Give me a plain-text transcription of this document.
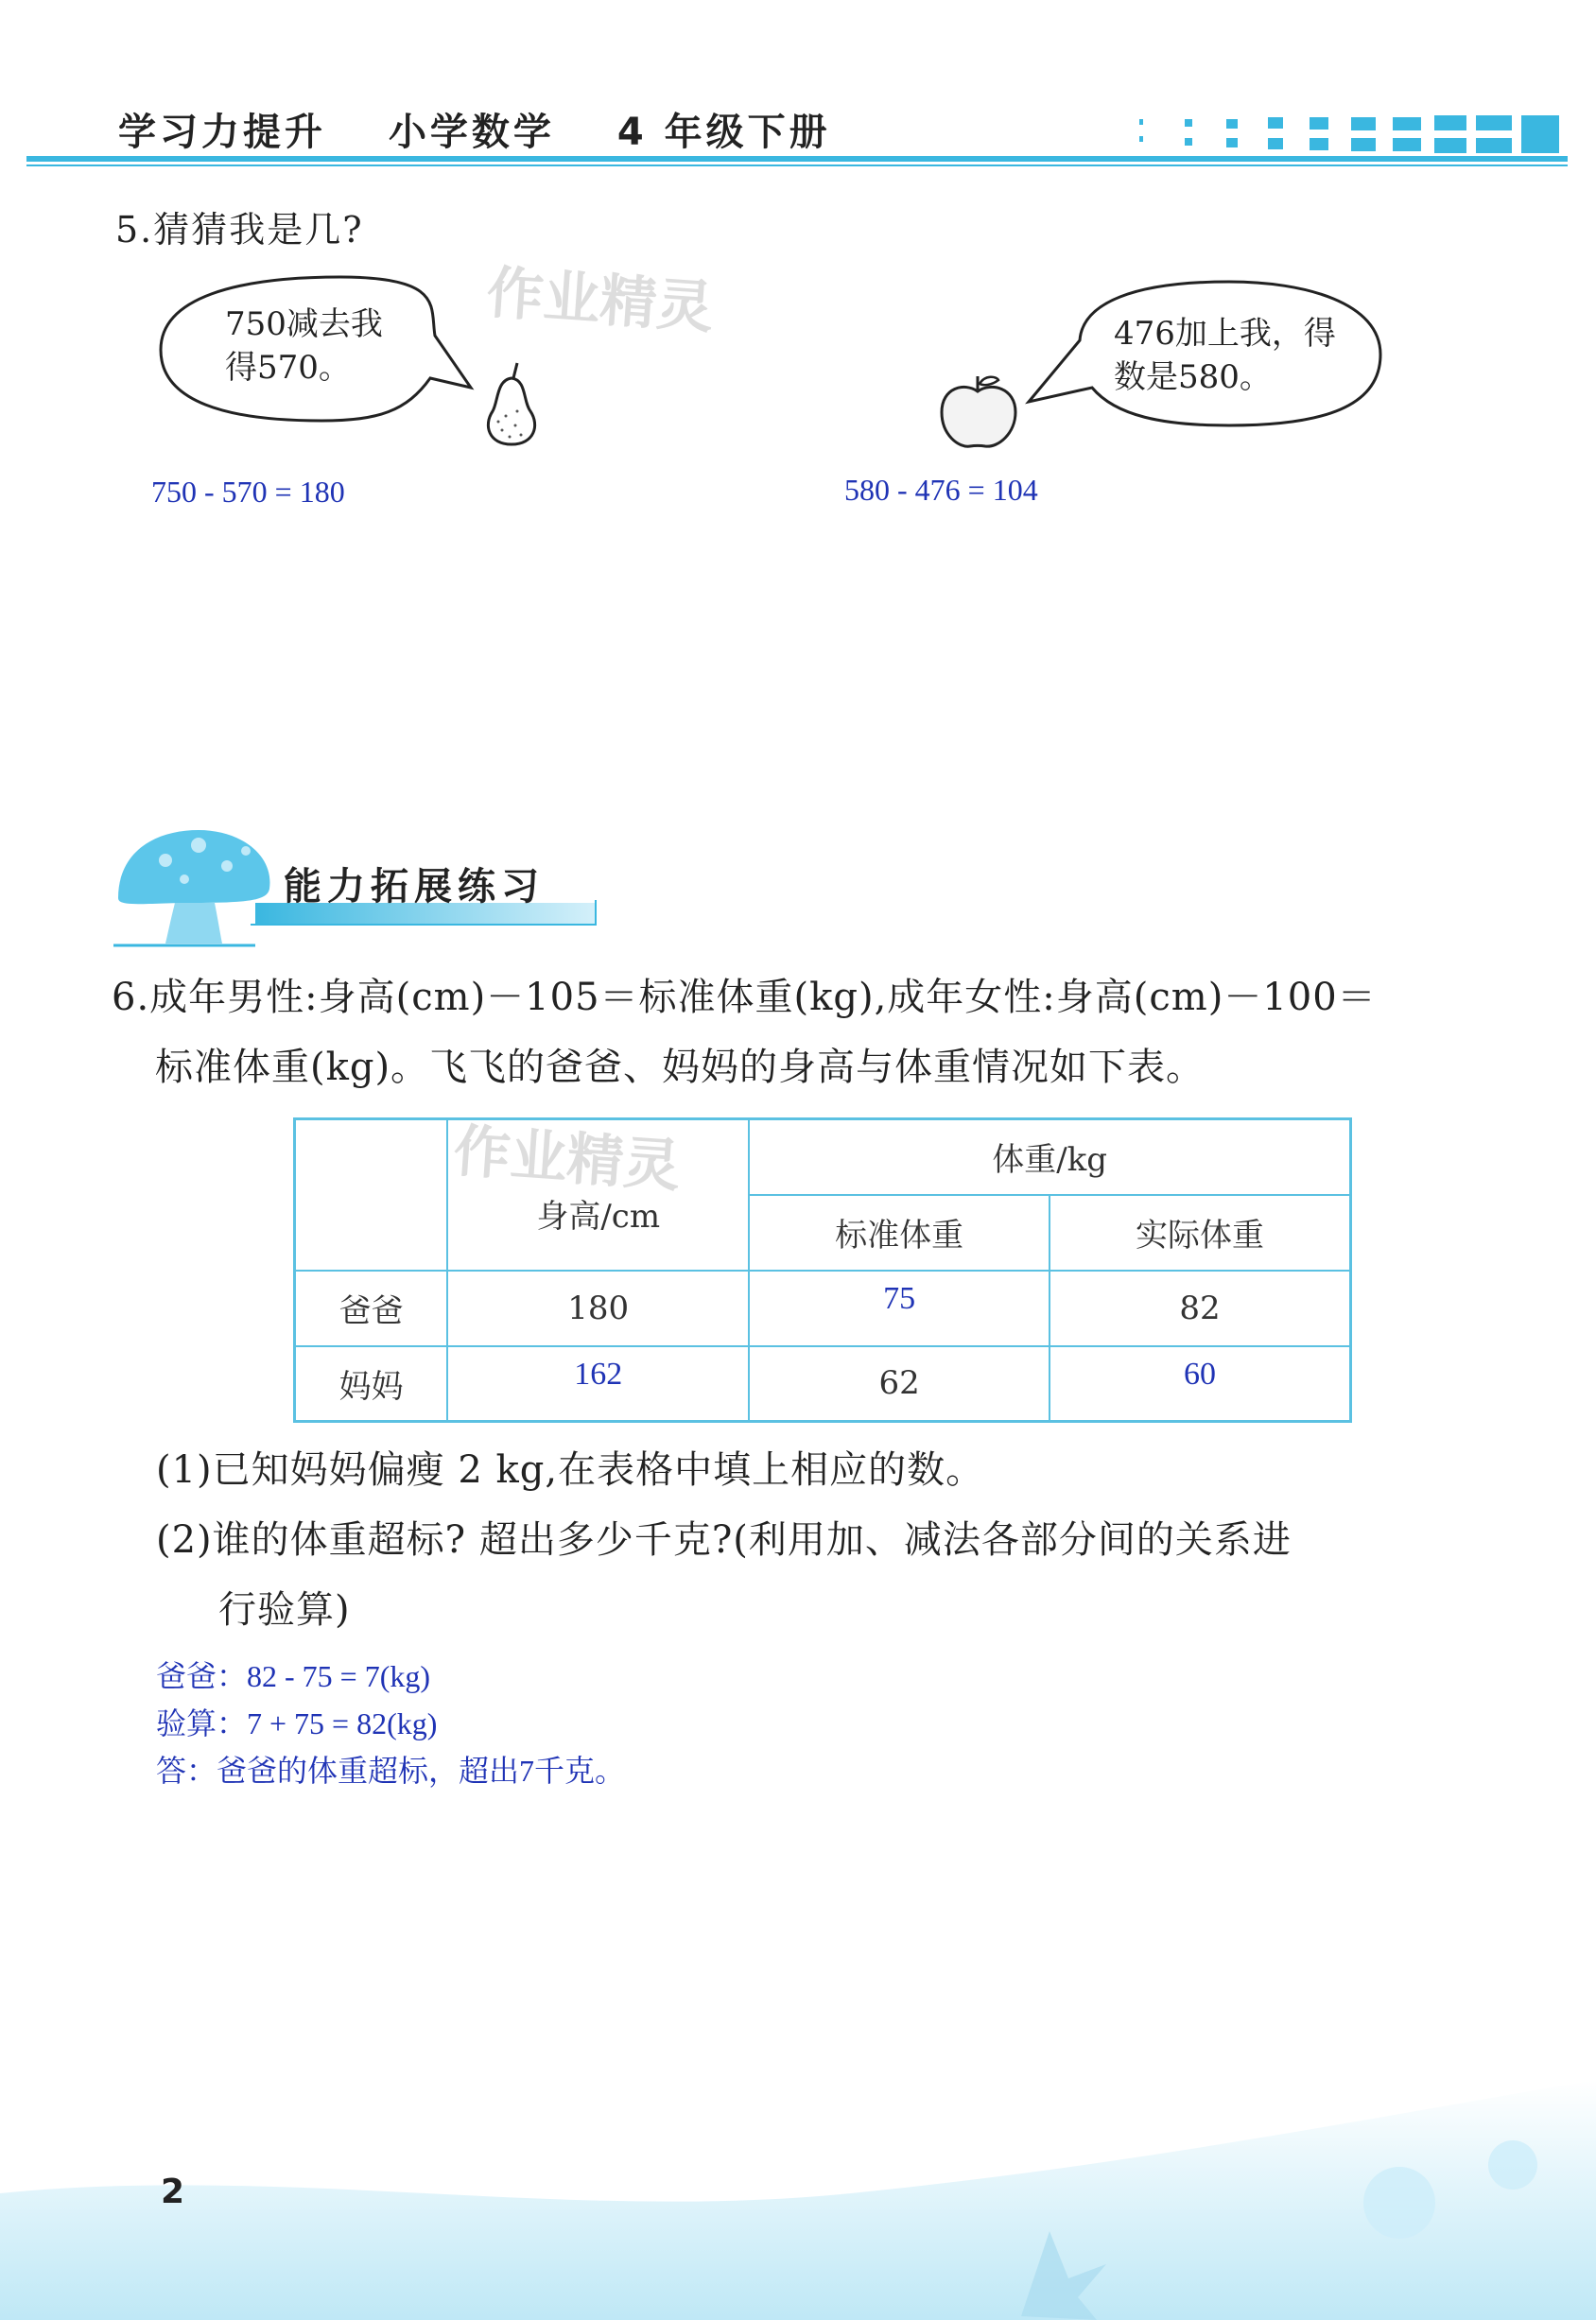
学习力提升 小学数学 4 年级下册
5.猜猜我是几?
750减去我
得570。
476加上我，得
数是580。
750 - 570 = 180	580 - 476 = 104
作业精灵
能力拓展练习
6.成年男性:身高(cm)－105＝标准体重(kg),成年女性:身高(cm)－100＝
标准体重(kg)。飞飞的爸爸、妈妈的身高与体重情况如下表。
	身高/cm	体重/kg	
		标准体重	实际体重
爸爸	180	75	82
妈妈	162	62	60
作业精灵
(1)已知妈妈偏瘦 2 kg,在表格中填上相应的数。
(2)谁的体重超标? 超出多少千克?(利用加、减法各部分间的关系进
行验算)
爸爸：82 - 75 = 7(kg)
验算：7 + 75 = 82(kg)
答：爸爸的体重超标，超出7千克。
2
